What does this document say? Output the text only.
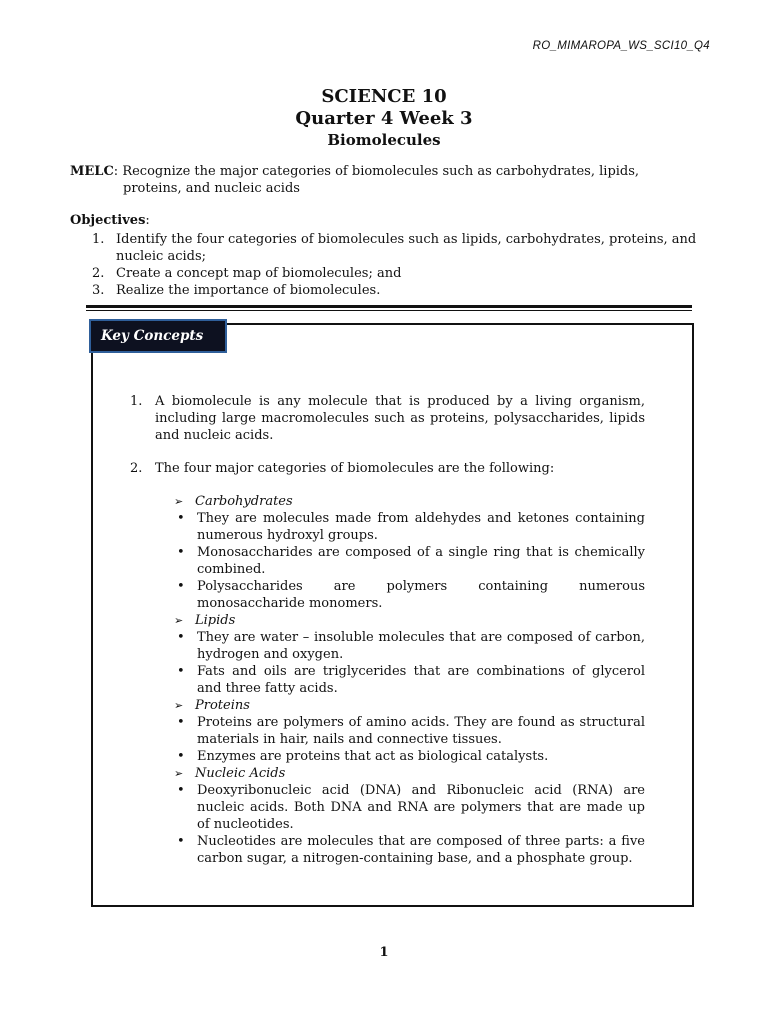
RO_MIMAROPA_WS_SCI10_Q4
SCIENCE 10
Quarter 4 Week 3
Biomolecules
MELC: Recognize the major categories of biomolecules such as carbohydrates, lipids,
proteins, and nucleic acids
Objectives:
1. Identify the four categories of biomolecules such as lipids, carbohydrates, proteins, and nucleic acids;
2. Create a concept map of biomolecules; and
3. Realize the importance of biomolecules.
Key Concepts
1. A biomolecule is any molecule that is produced by a living organism, including large macromolecules such as proteins, polysaccharides, lipids and nucleic acids.
2. The four major categories of biomolecules are the following:
➢ Carbohydrates
• They are molecules made from aldehydes and ketones containing numerous hydroxyl groups.
• Monosaccharides are composed of a single ring that is chemically combined.
• Polysaccharides are polymers containing numerous monosaccharide monomers.
➢ Lipids
• They are water – insoluble molecules that are composed of carbon, hydrogen and oxygen.
• Fats and oils are triglycerides that are combinations of glycerol and three fatty acids.
➢ Proteins
• Proteins are polymers of amino acids. They are found as structural materials in hair, nails and connective tissues.
• Enzymes are proteins that act as biological catalysts.
➢ Nucleic Acids
• Deoxyribonucleic acid (DNA) and Ribonucleic acid (RNA) are nucleic acids. Both DNA and RNA are polymers that are made up of nucleotides.
• Nucleotides are molecules that are composed of three parts: a five carbon sugar, a nitrogen-containing base, and a phosphate group.
1
